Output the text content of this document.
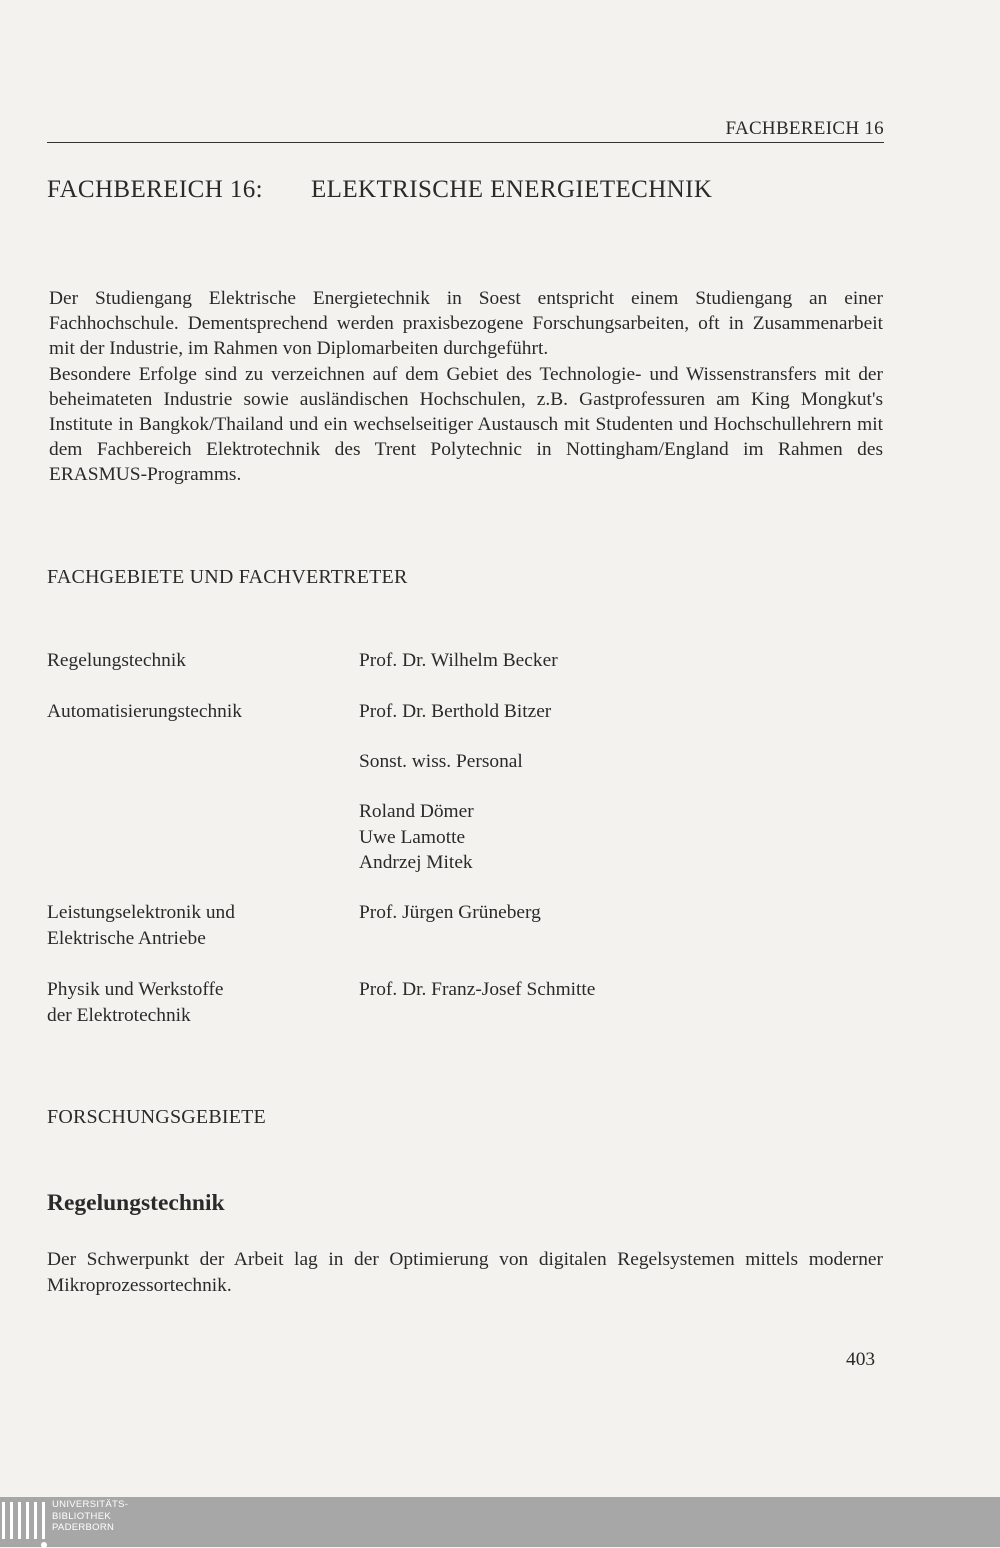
FACHBEREICH 16
FACHBEREICH 16: ELEKTRISCHE ENERGIETECHNIK

Der Studiengang Elektrische Energietechnik in Soest entspricht einem Studiengang an einer Fachhochschule. Dementsprechend werden praxisbezogene Forschungsarbeiten, oft in Zusammenarbeit mit der Industrie, im Rahmen von Diplomarbeiten durchgeführt.

Besondere Erfolge sind zu verzeichnen auf dem Gebiet des Technologie- und Wissenstransfers mit der beheimateten Industrie sowie ausländischen Hochschulen, z.B. Gastprofessuren am King Mongkut's Institute in Bangkok/Thailand und ein wechselseitiger Austausch mit Studenten und Hochschullehrern mit dem Fachbereich Elektrotechnik des Trent Polytechnic in Nottingham/England im Rahmen des ERASMUS-Programms.

FACHGEBIETE UND FACHVERTRETER
Regelungstechnik	Prof. Dr. Wilhelm Becker
Automatisierungstechnik	Prof. Dr. Berthold Bitzer
Sonst. wiss. Personal
Roland Dömer
Uwe Lamotte
Andrzej Mitek
Leistungselektronik und
Elektrische Antriebe
Prof. Jürgen Grüneberg
Physik und Werkstoffe
der Elektrotechnik
Prof. Dr. Franz-Josef Schmitte
FORSCHUNGSGEBIETE
Regelungstechnik

Der Schwerpunkt der Arbeit lag in der Optimierung von digitalen Regelsystemen mittels moderner Mikroprozessortechnik.

403
UNIVERSITÄTS-
BIBLIOTHEK
PADERBORN
